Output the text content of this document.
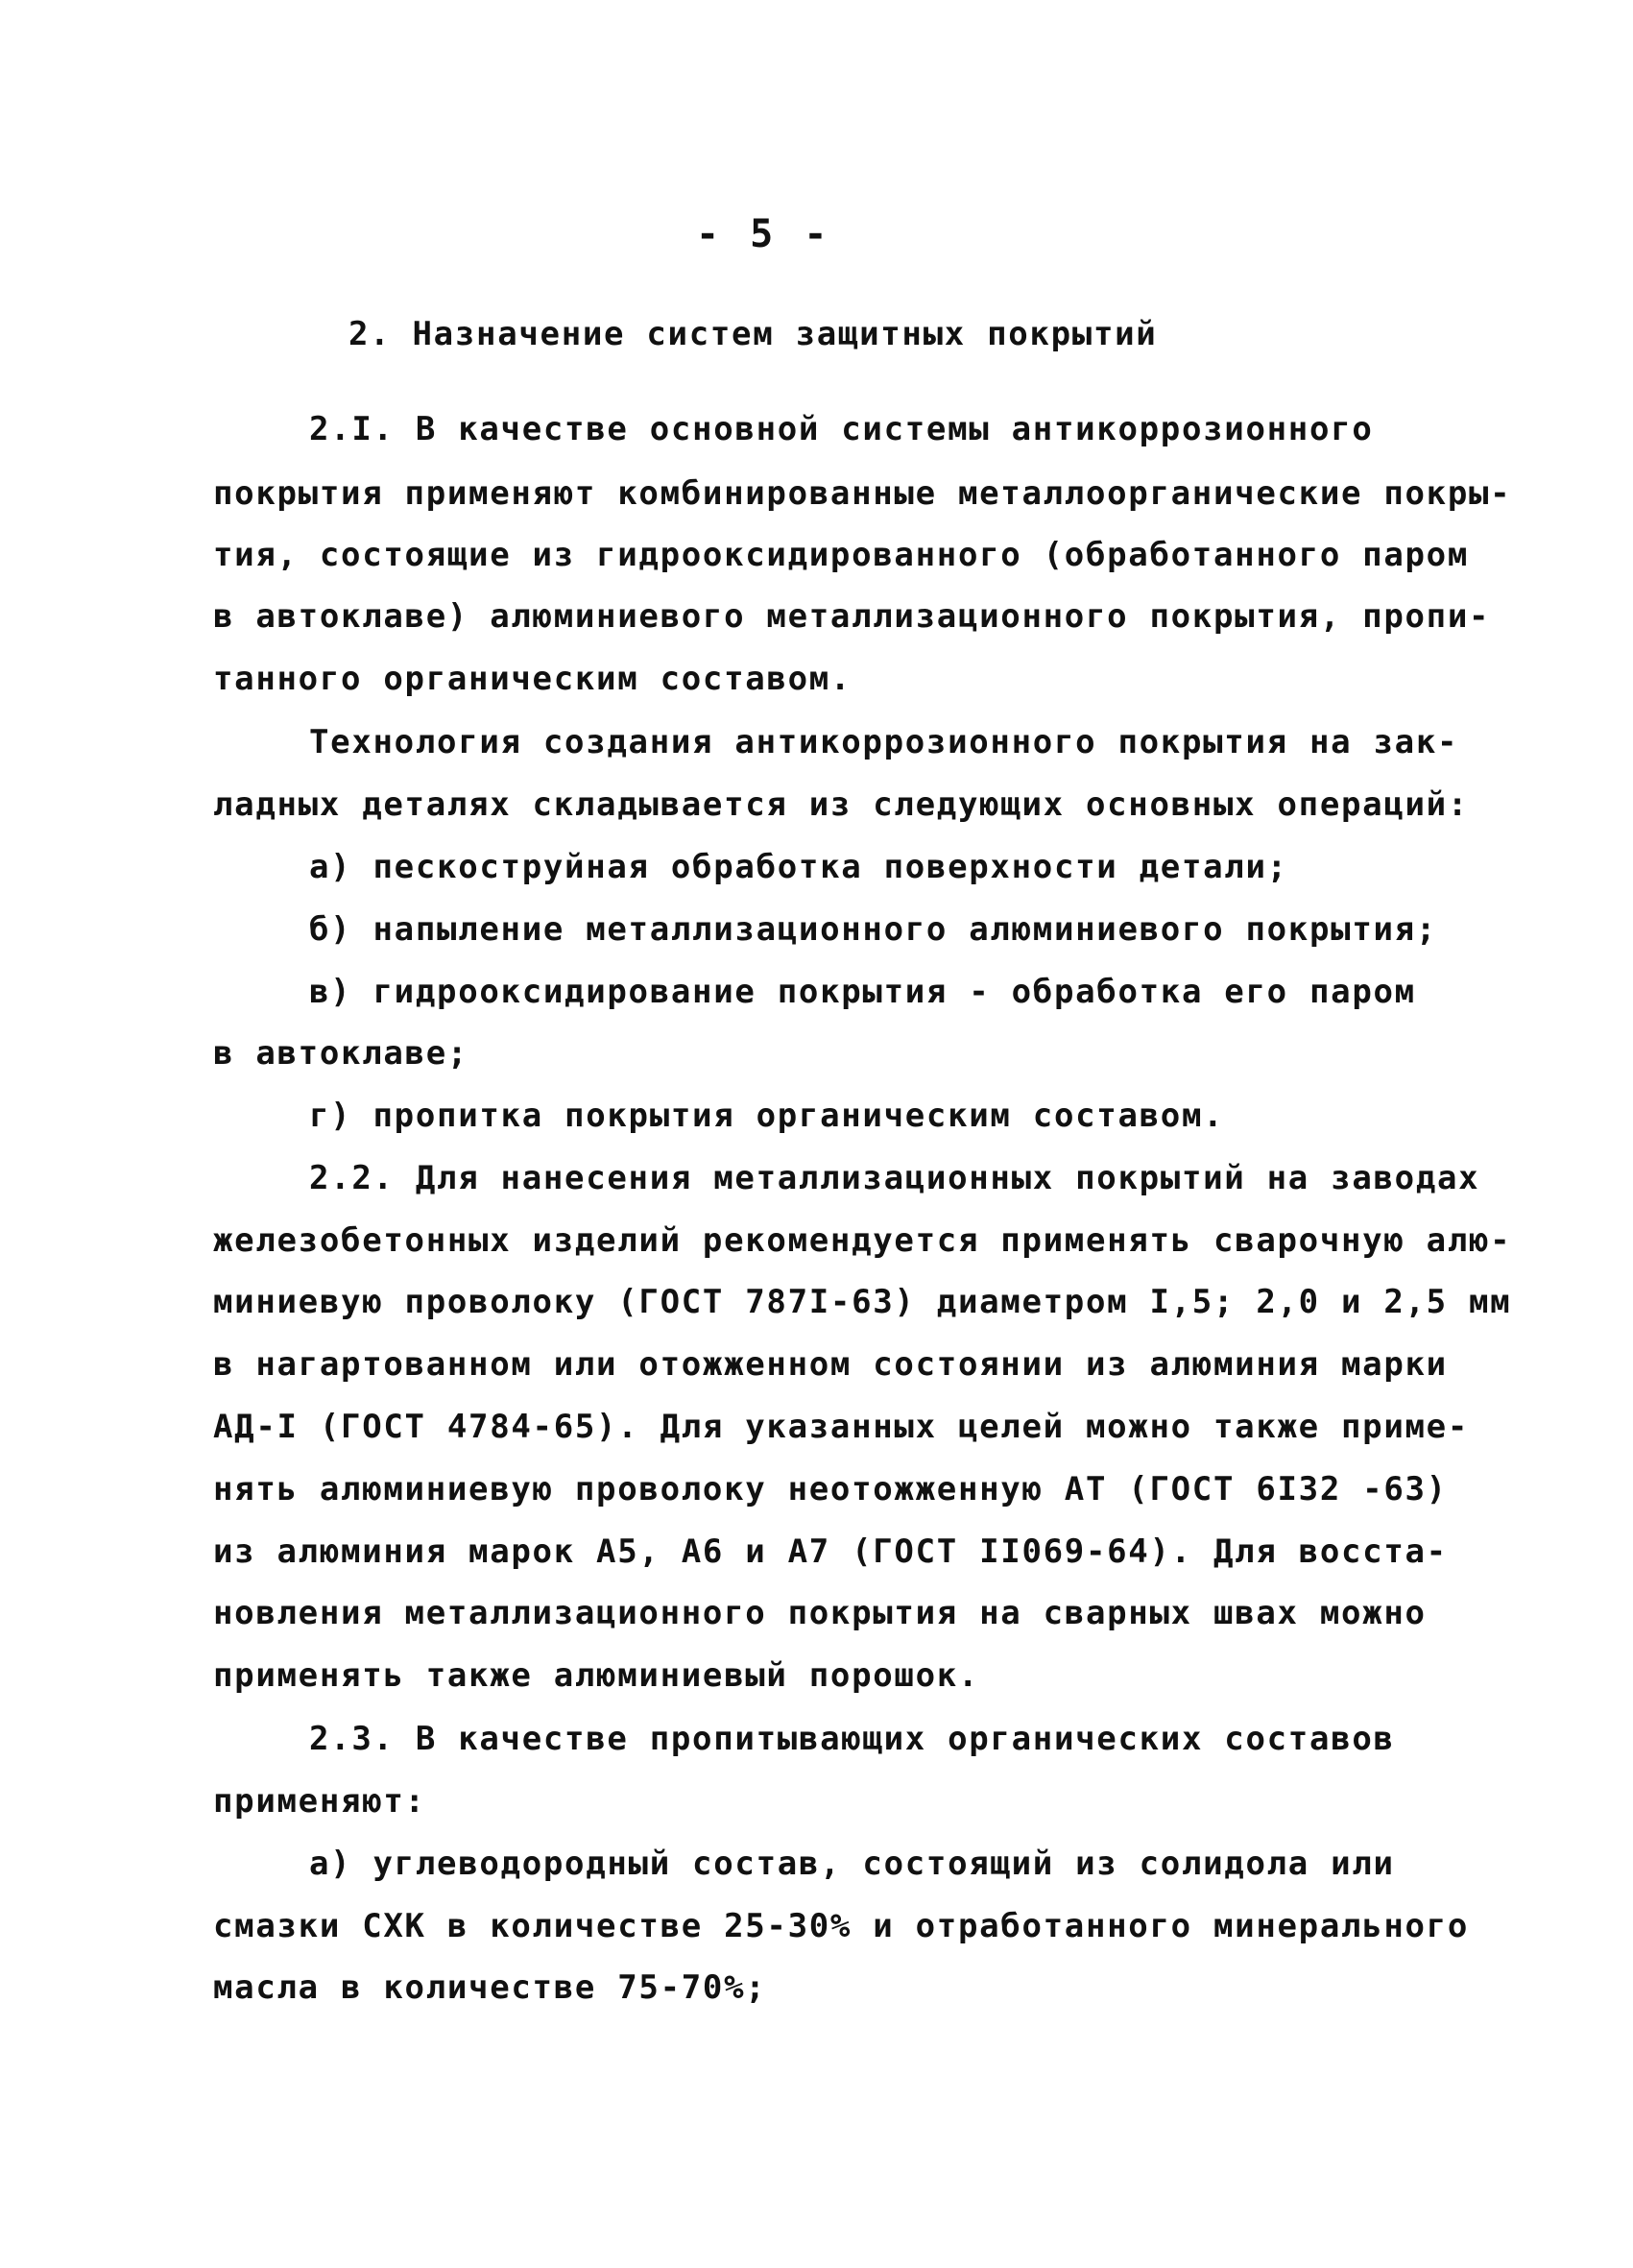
- 5 -
2. Назначение систем защитных покрытий
2.I. В качестве основной системы антикоррозионного
покрытия применяют комбинированные металлоорганические покры-
тия, состоящие из гидрооксидированного (обработанного паром
в автоклаве) алюминиевого металлизационного покрытия, пропи-
танного органическим составом.
Технология создания антикоррозионного покрытия на зак-
ладных деталях складывается из следующих основных операций:
а) пескоструйная обработка поверхности детали;
б) напыление металлизационного алюминиевого покрытия;
в) гидрооксидирование покрытия - обработка его паром
в автоклаве;
г) пропитка покрытия органическим составом.
2.2. Для нанесения металлизационных покрытий на заводах
железобетонных изделий рекомендуется применять сварочную алю-
миниевую проволоку (ГОСТ 787I-63) диаметром I,5; 2,0 и 2,5 мм
в нагартованном или отожженном состоянии из алюминия марки
АД-I (ГОСТ 4784-65). Для указанных целей можно также приме-
нять алюминиевую проволоку неотожженную АТ (ГОСТ 6I32 -63)
из алюминия марок А5, А6 и А7 (ГОСТ II069-64). Для восста-
новления металлизационного покрытия на сварных швах можно
применять также алюминиевый порошок.
2.3. В качестве пропитывающих органических составов
применяют:
а) углеводородный состав, состоящий из солидола или
смазки СХК в количестве 25-30% и отработанного минерального
масла в количестве 75-70%;
